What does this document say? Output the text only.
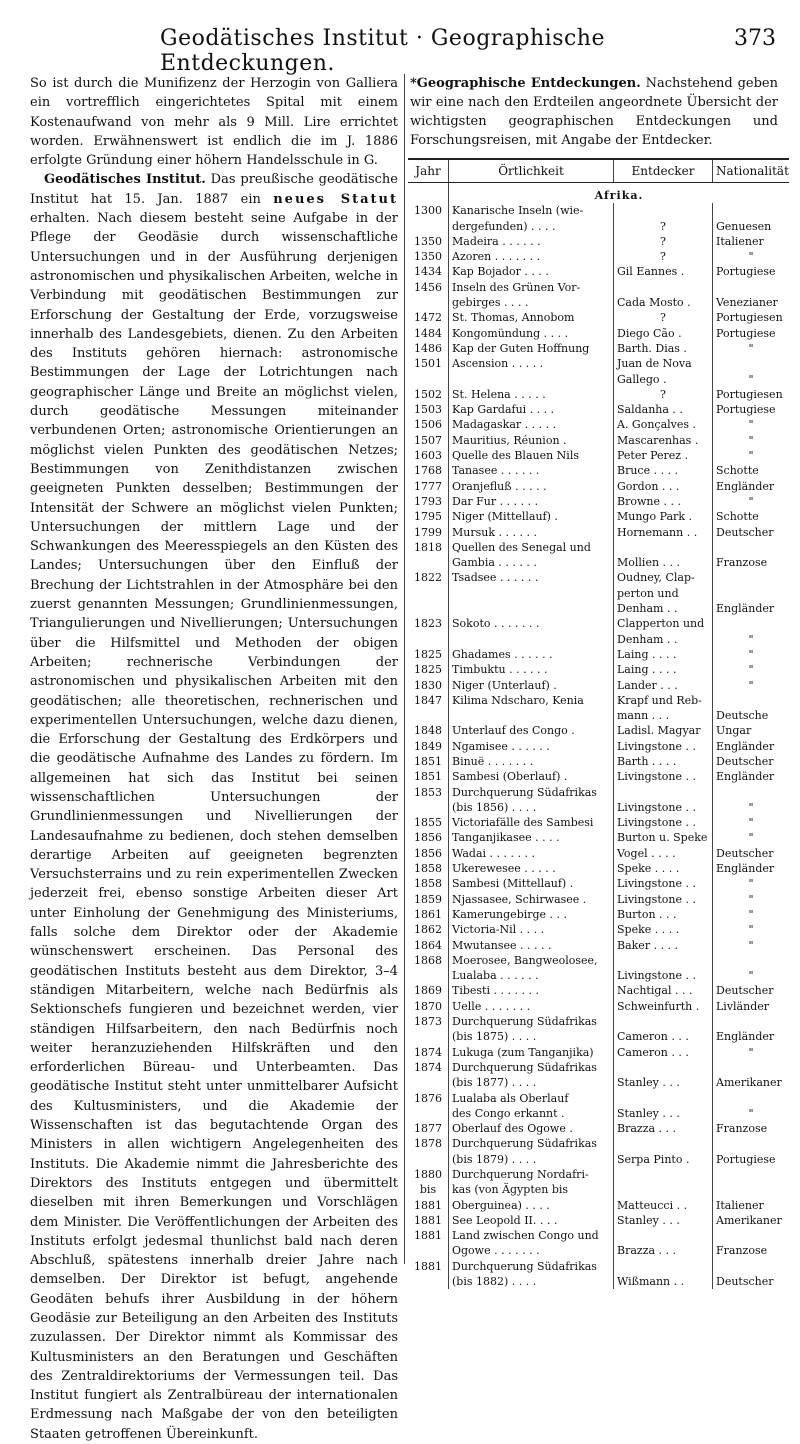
Geodätisches Institut · Geographische Entdeckungen.
373

So ist durch die Munifizenz der Herzogin von Galliera ein vortrefflich eingerichtetes Spital mit einem Kostenaufwand von mehr als 9 Mill. Lire errichtet worden. Erwähnenswert ist endlich die im J. 1886 erfolgte Gründung einer höhern Handelsschule in G.

Geodätisches Institut. Das preußische geodätische Institut hat 15. Jan. 1887 ein neues Statut erhalten. Nach diesem besteht seine Aufgabe in der Pflege der Geodäsie durch wissenschaftliche Untersuchungen und in der Ausführung derjenigen astronomischen und physikalischen Arbeiten, welche in Verbindung mit geodätischen Bestimmungen zur Erforschung der Gestaltung der Erde, vorzugsweise innerhalb des Landesgebiets, dienen. Zu den Arbeiten des Instituts gehören hiernach: astronomische Bestimmungen der Lage der Lotrichtungen nach geographischer Länge und Breite an möglichst vielen, durch geodätische Messungen miteinander verbundenen Orten; astronomische Orientierungen an möglichst vielen Punkten des geodätischen Netzes; Bestimmungen von Zenithdistanzen zwischen geeigneten Punkten desselben; Bestimmungen der Intensität der Schwere an möglichst vielen Punkten; Untersuchungen der mittlern Lage und der Schwankungen des Meeresspiegels an den Küsten des Landes; Untersuchungen über den Einfluß der Brechung der Lichtstrahlen in der Atmosphäre bei den zuerst genannten Messungen; Grundlinienmessungen, Triangulierungen und Nivellierungen; Untersuchungen über die Hilfsmittel und Methoden der obigen Arbeiten; rechnerische Verbindungen der astronomischen und physikalischen Arbeiten mit den geodätischen; alle theoretischen, rechnerischen und experimentellen Untersuchungen, welche dazu dienen, die Erforschung der Gestaltung des Erdkörpers und die geodätische Aufnahme des Landes zu fördern. Im allgemeinen hat sich das Institut bei seinen wissenschaftlichen Untersuchungen der Grundlinienmessungen und Nivellierungen der Landesaufnahme zu bedienen, doch stehen demselben derartige Arbeiten auf geeigneten begrenzten Versuchsterrains und zu rein experimentellen Zwecken jederzeit frei, ebenso sonstige Arbeiten dieser Art unter Einholung der Genehmigung des Ministeriums, falls solche dem Direktor oder der Akademie wünschenswert erscheinen. Das Personal des geodätischen Instituts besteht aus dem Direktor, 3–4 ständigen Mitarbeitern, welche nach Bedürfnis als Sektionschefs fungieren und bezeichnet werden, vier ständigen Hilfsarbeitern, den nach Bedürfnis noch weiter heranzuziehenden Hilfskräften und den erforderlichen Büreau- und Unterbeamten. Das geodätische Institut steht unter unmittelbarer Aufsicht des Kultusministers, und die Akademie der Wissenschaften ist das begutachtende Organ des Ministers in allen wichtigern Angelegenheiten des Instituts. Die Akademie nimmt die Jahresberichte des Direktors des Instituts entgegen und übermittelt dieselben mit ihren Bemerkungen und Vorschlägen dem Minister. Die Veröffentlichungen der Arbeiten des Instituts erfolgt jedesmal thunlichst bald nach deren Abschluß, spätestens innerhalb dreier Jahre nach demselben. Der Direktor ist befugt, angehende Geodäten behufs ihrer Ausbildung in der höhern Geodäsie zur Beteiligung an den Arbeiten des Instituts zuzulassen. Der Direktor nimmt als Kommissar des Kultusministers an den Beratungen und Geschäften des Zentraldirektoriums der Vermessungen teil. Das Institut fungiert als Zentralbüreau der internationalen Erdmessung nach Maßgabe der von den beteiligten Staaten getroffenen Übereinkunft.

*Geographische Entdeckungen. Nachstehend geben wir eine nach den Erdteilen angeordnete Übersicht der wichtigsten geographischen Entdeckungen und Forschungsreisen, mit Angabe der Entdecker.
Jahr	Örtlichkeit	Entdecker	Nationalität
	Afrika.		
1300	Kanarische Inseln (wie-		
	dergefunden) . . . .	?	Genuesen
1350	Madeira . . . . . .	?	Italiener
1350	Azoren . . . . . . .	?	"
1434	Kap Bojador . . . .	Gil Eannes .	Portugiese
1456	Inseln des Grünen Vor-		
	gebirges . . . .	Cada Mosto .	Venezianer
1472	St. Thomas, Annobom	?	Portugiesen
1484	Kongomündung . . . .	Diego Cão .	Portugiese
1486	Kap der Guten Hoffnung	Barth. Dias .	"
1501	Ascension . . . . .	Juan de Nova	
		Gallego .	"
1502	St. Helena . . . . .	?	Portugiesen
1503	Kap Gardafui . . . .	Saldanha . .	Portugiese
1506	Madagaskar . . . . .	A. Gonçalves .	"
1507	Mauritius, Réunion .	Mascarenhas .	"
1603	Quelle des Blauen Nils	Peter Perez .	"
1768	Tanasee . . . . . .	Bruce . . . .	Schotte
1777	Oranjefluß . . . . .	Gordon . . .	Engländer
1793	Dar Fur . . . . . .	Browne . . .	"
1795	Niger (Mittellauf) .	Mungo Park .	Schotte
1799	Mursuk . . . . . .	Hornemann . .	Deutscher
1818	Quellen des Senegal und		
	Gambia . . . . . .	Mollien . . .	Franzose
1822	Tsadsee . . . . . .	Oudney, Clap-	
		perton und	
		Denham . .	Engländer
1823	Sokoto . . . . . . .	Clapperton und	
		Denham . .	"
1825	Ghadames . . . . . .	Laing . . . .	"
1825	Timbuktu . . . . . .	Laing . . . .	"
1830	Niger (Unterlauf) .	Lander . . .	"
1847	Kilima Ndscharo, Kenia	Krapf und Reb-	
		mann . . .	Deutsche
1848	Unterlauf des Congo .	Ladisl. Magyar	Ungar
1849	Ngamisee . . . . . .	Livingstone . .	Engländer
1851	Binuë . . . . . . .	Barth . . . .	Deutscher
1851	Sambesi (Oberlauf) .	Livingstone . .	Engländer
1853	Durchquerung Südafrikas		
	(bis 1856) . . . .	Livingstone . .	"
1855	Victoriafälle des Sambesi	Livingstone . .	"
1856	Tanganjikasee . . . .	Burton u. Speke	"
1856	Wadai . . . . . . .	Vogel . . . .	Deutscher
1858	Ukerewesee . . . . .	Speke . . . .	Engländer
1858	Sambesi (Mittellauf) .	Livingstone . .	"
1859	Njassasee, Schirwasee .	Livingstone . .	"
1861	Kamerungebirge . . .	Burton . . .	"
1862	Victoria-Nil . . . .	Speke . . . .	"
1864	Mwutansee . . . . .	Baker . . . .	"
1868	Moerosee, Bangweolosee,		
	Lualaba . . . . . .	Livingstone . .	"
1869	Tibesti . . . . . . .	Nachtigal . . .	Deutscher
1870	Uelle . . . . . . .	Schweinfurth .	Livländer
1873	Durchquerung Südafrikas		
	(bis 1875) . . . .	Cameron . . .	Engländer
1874	Lukuga (zum Tanganjika)	Cameron . . .	"
1874	Durchquerung Südafrikas		
	(bis 1877) . . . .	Stanley . . .	Amerikaner
1876	Lualaba als Oberlauf		
	des Congo erkannt .	Stanley . . .	"
1877	Oberlauf des Ogowe .	Brazza . . .	Franzose
1878	Durchquerung Südafrikas		
	(bis 1879) . . . .	Serpa Pinto .	Portugiese
1880	Durchquerung Nordafri-		
bis	kas (von Ägypten bis		
1881	Oberguinea) . . . .	Matteucci . .	Italiener
1881	See Leopold II. . . .	Stanley . . .	Amerikaner
1881	Land zwischen Congo und		
	Ogowe . . . . . . .	Brazza . . .	Franzose
1881	Durchquerung Südafrikas		
	(bis 1882) . . . .	Wißmann . .	Deutscher
